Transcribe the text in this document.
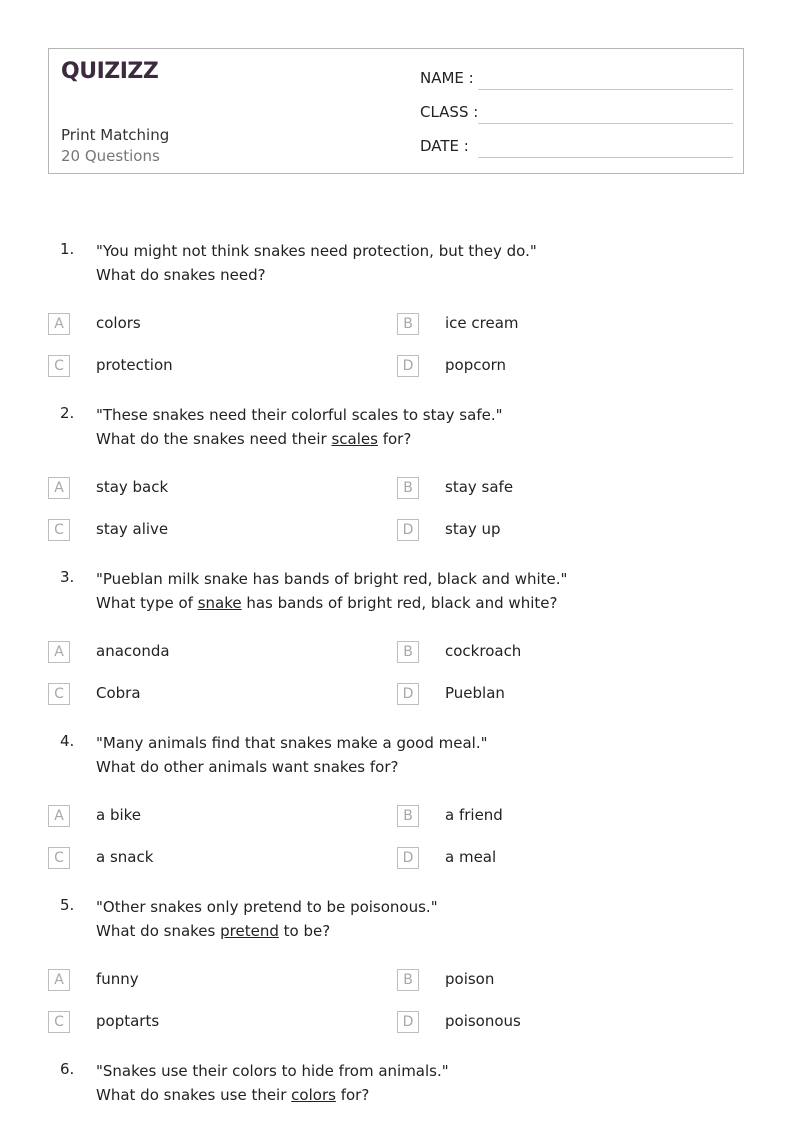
QUIZIZZ
Print Matching
20 Questions
NAME :
CLASS :
DATE :
1. "You might not think snakes need protection, but they do."
What do snakes need?
A	colors	B	ice cream
C	protection	D	popcorn
2. "These snakes need their colorful scales to stay safe."
What do the snakes need their scales for?
A	stay back	B	stay safe
C	stay alive	D	stay up
3. "Pueblan milk snake has bands of bright red, black and white."
What type of snake has bands of bright red, black and white?
A	anaconda	B	cockroach
C	Cobra	D	Pueblan
4. "Many animals find that snakes make a good meal."
What do other animals want snakes for?
A	a bike	B	a friend
C	a snack	D	a meal
5. "Other snakes only pretend to be poisonous."
What do snakes pretend to be?
A	funny	B	poison
C	poptarts	D	poisonous
6. "Snakes use their colors to hide from animals."
What do snakes use their colors for?
